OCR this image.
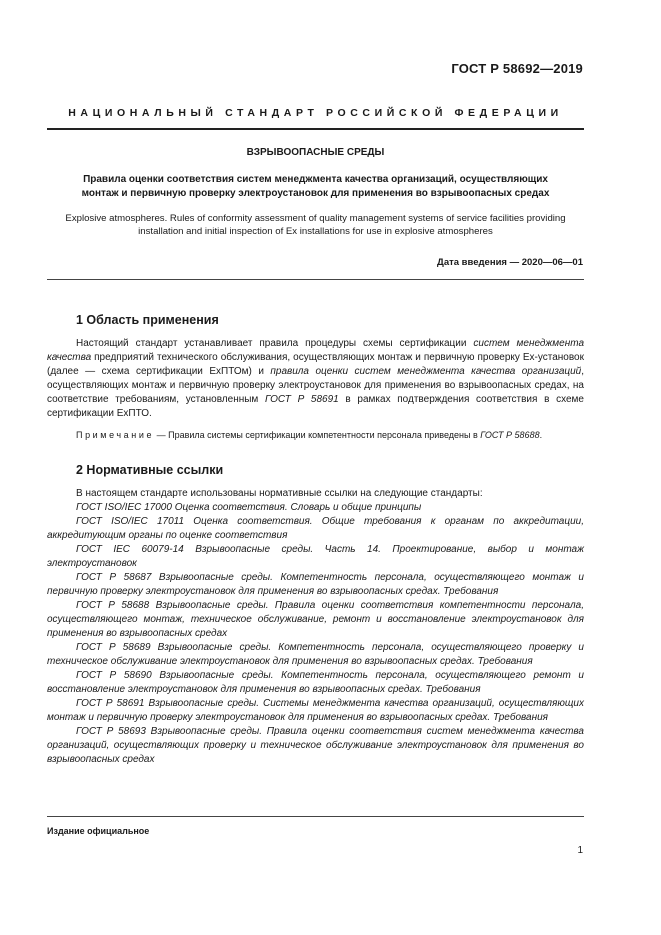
ГОСТ Р 58692—2019
НАЦИОНАЛЬНЫЙ СТАНДАРТ РОССИЙСКОЙ ФЕДЕРАЦИИ
ВЗРЫВООПАСНЫЕ СРЕДЫ
Правила оценки соответствия систем менеджмента качества организаций, осуществляющих
монтаж и первичную проверку электроустановок для применения во взрывоопасных средах
Explosive atmospheres. Rules of conformity assessment of quality management systems of service facilities providing
installation and initial inspection of Ex installations for use in explosive atmospheres
Дата введения — 2020—06—01
1 Область применения

Настоящий стандарт устанавливает правила процедуры схемы сертификации систем менеджмента качества предприятий технического обслуживания, осуществляющих монтаж и первичную проверку Ex-установок (далее — схема сертификации ЕхПТОм) и правила оценки систем менеджмента качества организаций, осуществляющих монтаж и первичную проверку электроустановок для применения во взрывоопасных средах, на соответствие требованиям, установленным ГОСТ Р 58691 в рамках подтверждения соответствия в схеме сертификации ЕхПТО.

Примечание — Правила системы сертификации компетентности персонала приведены в ГОСТ Р 58688.

2 Нормативные ссылки

В настоящем стандарте использованы нормативные ссылки на следующие стандарты:

ГОСТ ISO/IEC 17000 Оценка соответствия. Словарь и общие принципы

ГОСТ ISO/IEC 17011 Оценка соответствия. Общие требования к органам по аккредитации, аккредитующим органы по оценке соответствия

ГОСТ IEC 60079-14 Взрывоопасные среды. Часть 14. Проектирование, выбор и монтаж электроустановок

ГОСТ Р 58687 Взрывоопасные среды. Компетентность персонала, осуществляющего монтаж и первичную проверку электроустановок для применения во взрывоопасных средах. Требования

ГОСТ Р 58688 Взрывоопасные среды. Правила оценки соответствия компетентности персонала, осуществляющего монтаж, техническое обслуживание, ремонт и восстановление электроустановок для применения во взрывоопасных средах

ГОСТ Р 58689 Взрывоопасные среды. Компетентность персонала, осуществляющего проверку и техническое обслуживание электроустановок для применения во взрывоопасных средах. Требования

ГОСТ Р 58690 Взрывоопасные среды. Компетентность персонала, осуществляющего ремонт и восстановление электроустановок для применения во взрывоопасных средах. Требования

ГОСТ Р 58691 Взрывоопасные среды. Системы менеджмента качества организаций, осуществляющих монтаж и первичную проверку электроустановок для применения во взрывоопасных средах. Требования

ГОСТ Р 58693 Взрывоопасные среды. Правила оценки соответствия систем менеджмента качества организаций, осуществляющих проверку и техническое обслуживание электроустановок для применения во взрывоопасных средах

Издание официальное
1
